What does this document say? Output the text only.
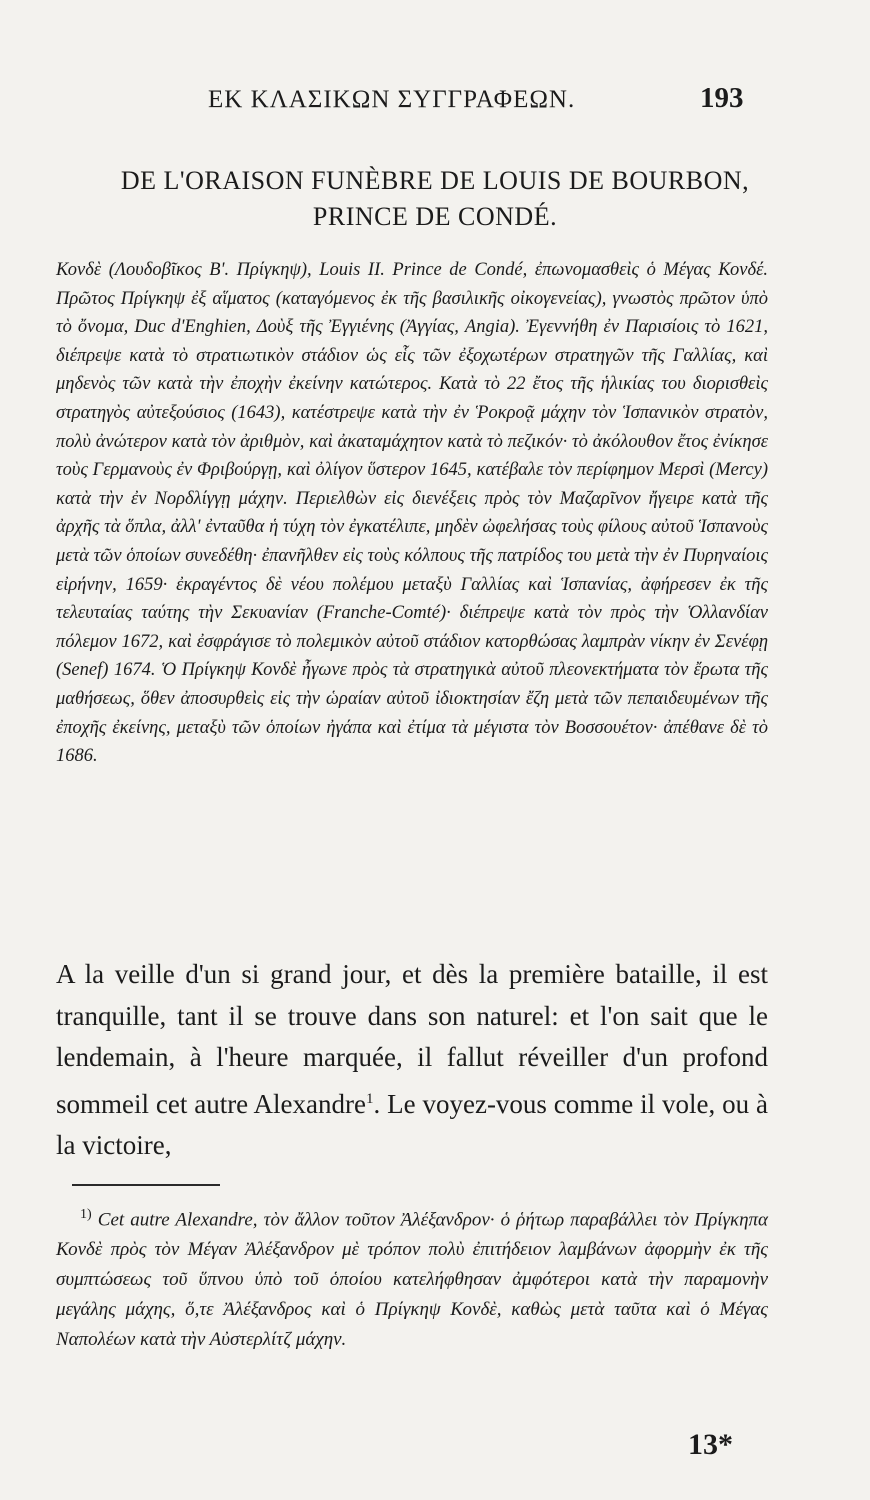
ΕΚ ΚΛΑΣΙΚΩΝ ΣΥΓΓΡΑΦΕΩΝ.	193
DE L'ORAISON FUNÈBRE DE LOUIS DE BOURBON,
PRINCE DE CONDÉ.

Κονδὲ (Λουδοβῖκος Β'. Πρίγκηψ), Louis II. Prince de Condé, ἐπωνομασθεὶς ὁ Μέγας Κονδέ. Πρῶτος Πρίγκηψ ἐξ αἵματος (καταγόμενος ἐκ τῆς βασιλικῆς οἰκογενείας), γνωστὸς πρῶτον ὑπὸ τὸ ὄνομα, Duc d'Enghien, Δοὺξ τῆς Ἐγγιένης (Ἀγγίας, Angia). Ἐγεννήθη ἐν Παρισίοις τὸ 1621, διέπρεψε κατὰ τὸ στρατιωτικὸν στάδιον ὡς εἷς τῶν ἐξοχωτέρων στρατηγῶν τῆς Γαλλίας, καὶ μηδενὸς τῶν κατὰ τὴν ἐποχὴν ἐκείνην κατώτερος. Κατὰ τὸ 22 ἔτος τῆς ἡλικίας του διορισθεὶς στρατηγὸς αὐτεξούσιος (1643), κατέστρεψε κατὰ τὴν ἐν Ῥοκροᾷ μάχην τὸν Ἱσπανικὸν στρατὸν, πολὺ ἀνώτερον κατὰ τὸν ἀριθμὸν, καὶ ἀκαταμάχητον κατὰ τὸ πεζικόν· τὸ ἀκόλουθον ἔτος ἐνίκησε τοὺς Γερμανοὺς ἐν Φριβούργῃ, καὶ ὀλίγον ὕστερον 1645, κατέβαλε τὸν περίφημον Μερσὶ (Mercy) κατὰ τὴν ἐν Νορδλίγγῃ μάχην. Περιελθὼν εἰς διενέξεις πρὸς τὸν Μαζαρῖνον ἤγειρε κατὰ τῆς ἀρχῆς τὰ ὅπλα, ἀλλ' ἐνταῦθα ἡ τύχη τὸν ἐγκατέλιπε, μηδὲν ὠφελήσας τοὺς φίλους αὐτοῦ Ἱσπανοὺς μετὰ τῶν ὁποίων συνεδέθη· ἐπανῆλθεν εἰς τοὺς κόλπους τῆς πατρίδος του μετὰ τὴν ἐν Πυρηναίοις εἰρήνην, 1659· ἐκραγέντος δὲ νέου πολέμου μεταξὺ Γαλλίας καὶ Ἱσπανίας, ἀφήρεσεν ἐκ τῆς τελευταίας ταύτης τὴν Σεκυανίαν (Franche-Comté)· διέπρεψε κατὰ τὸν πρὸς τὴν Ὁλλανδίαν πόλεμον 1672, καὶ ἐσφράγισε τὸ πολεμικὸν αὐτοῦ στάδιον κατορθώσας λαμπρὰν νίκην ἐν Σενέφῃ (Senef) 1674. Ὁ Πρίγκηψ Κονδὲ ἦγωνε πρὸς τὰ στρατηγικὰ αὐτοῦ πλεονεκτήματα τὸν ἔρωτα τῆς μαθήσεως, ὅθεν ἀποσυρθεὶς εἰς τὴν ὡραίαν αὐτοῦ ἰδιοκτησίαν ἔζη μετὰ τῶν πεπαιδευμένων τῆς ἐποχῆς ἐκείνης, μεταξὺ τῶν ὁποίων ἠγάπα καὶ ἐτίμα τὰ μέγιστα τὸν Βοσσουέτον· ἀπέθανε δὲ τὸ 1686.

A la veille d'un si grand jour, et dès la première bataille, il est tranquille, tant il se trouve dans son naturel: et l'on sait que le lendemain, à l'heure marquée, il fallut réveiller d'un profond sommeil cet autre Alexandre$^1$. Le voyez-vous comme il vole, ou à la victoire,

$^{1)}$ Cet autre Alexandre, τὸν ἄλλον τοῦτον Ἀλέξανδρον· ὁ ῥήτωρ παραβάλλει τὸν Πρίγκηπα Κονδὲ πρὸς τὸν Μέγαν Ἀλέξανδρον μὲ τρόπον πολὺ ἐπιτήδειον λαμβάνων ἀφορμὴν ἐκ τῆς συμπτώσεως τοῦ ὕπνου ὑπὸ τοῦ ὁποίου κατελήφθησαν ἀμφότεροι κατὰ τὴν παραμονὴν μεγάλης μάχης, ὅ,τε Ἀλέξανδρος καὶ ὁ Πρίγκηψ Κονδὲ, καθὼς μετὰ ταῦτα καὶ ὁ Μέγας Ναπολέων κατὰ τὴν Αὐστερλίτζ μάχην.

13*
